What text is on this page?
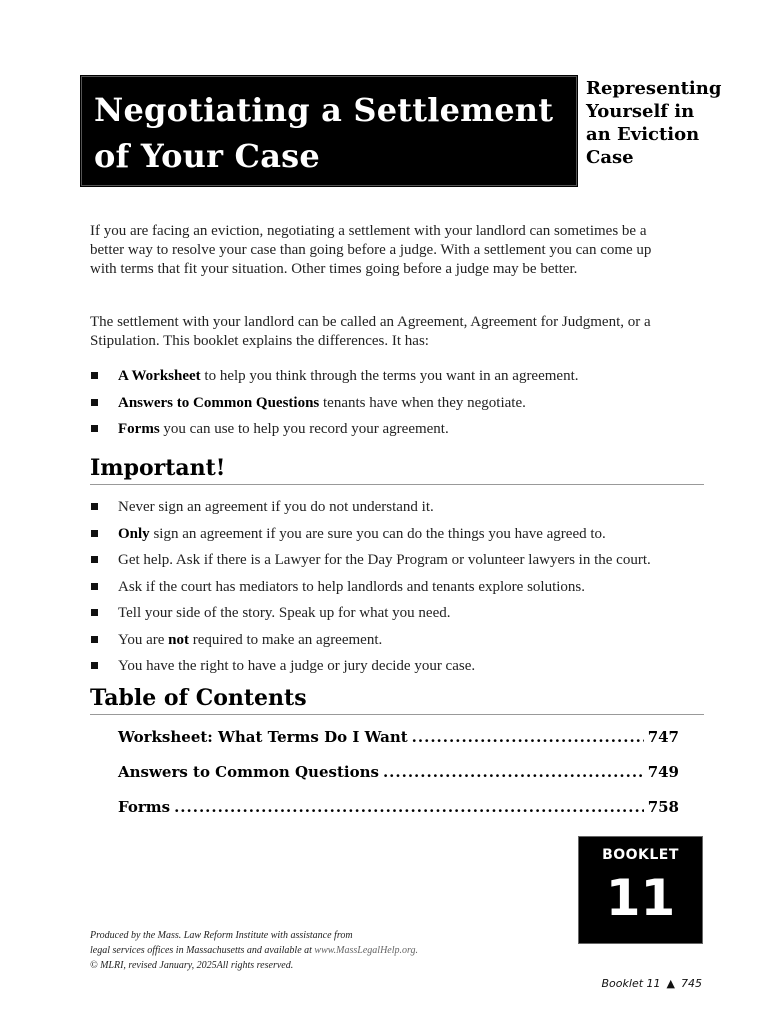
Negotiating a Settlement
of Your Case
Representing
Yourself in
an Eviction
Case
If you are facing an eviction, negotiating a settlement with your landlord can sometimes be a better way to resolve your case than going before a judge. With a settlement you can come up with terms that fit your situation. Other times going before a judge may be better.
The settlement with your landlord can be called an Agreement, Agreement for Judgment, or a Stipulation. This booklet explains the differences. It has:
A Worksheet to help you think through the terms you want in an agreement.
Answers to Common Questions tenants have when they negotiate.
Forms you can use to help you record your agreement.
Important!
Never sign an agreement if you do not understand it.
Only sign an agreement if you are sure you can do the things you have agreed to.
Get help. Ask if there is a Lawyer for the Day Program or volunteer lawyers in the court.
Ask if the court has mediators to help landlords and tenants explore solutions.
Tell your side of the story. Speak up for what you need.
You are not required to make an agreement.
You have the right to have a judge or jury decide your case.
Table of Contents
Worksheet: What Terms Do I Want .....	747
Answers to Common Questions .....	749
Forms .....	758
BOOKLET
11
Produced by the Mass. Law Reform Institute with assistance from
legal services offices in Massachusetts and available at www.MassLegalHelp.org.
© MLRI, revised January, 2025All rights reserved.
Booklet 11 ▲ 745
